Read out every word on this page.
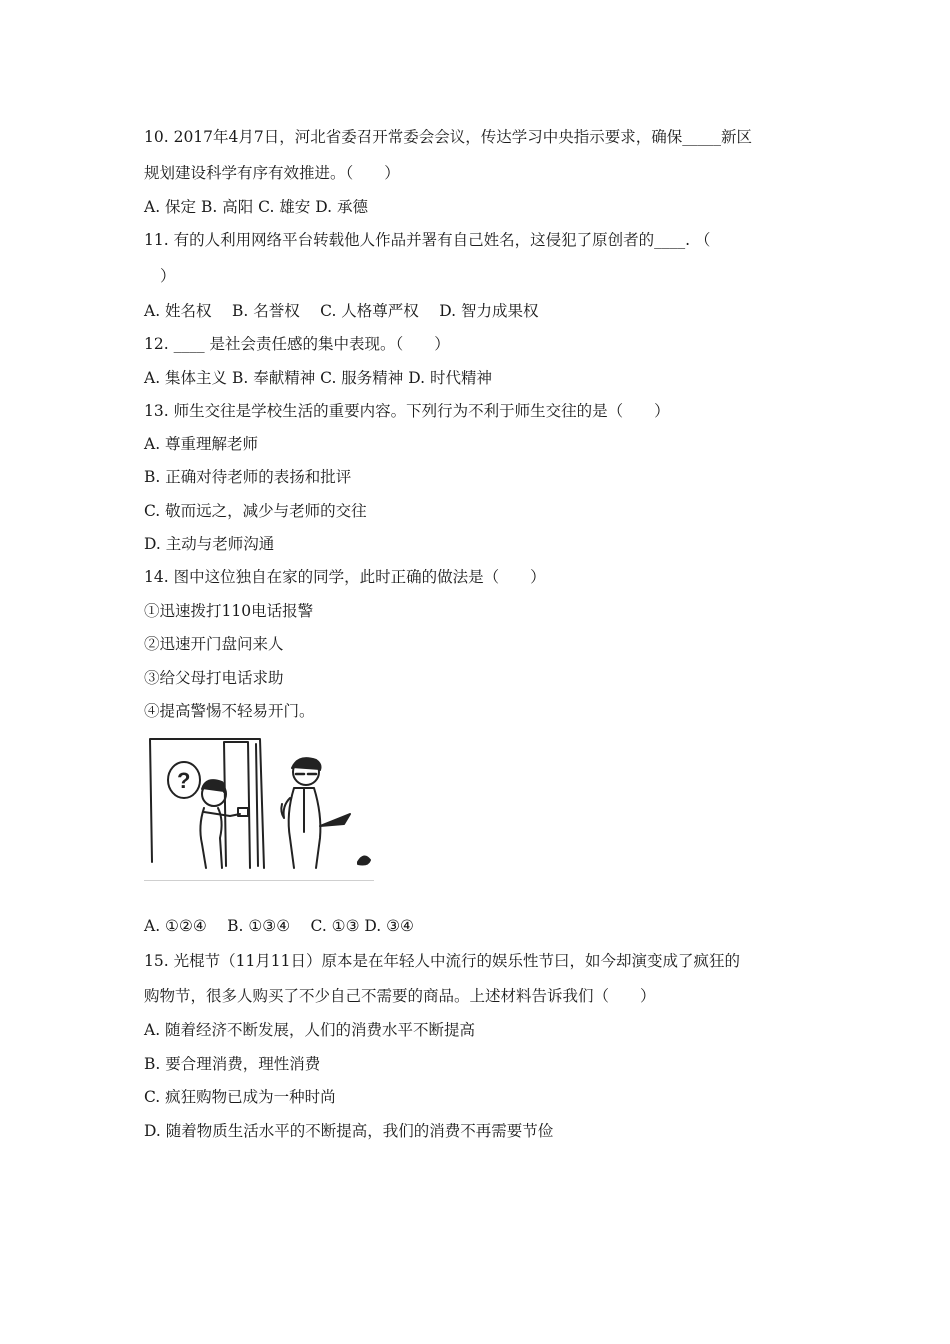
10. 2017年4月7日，河北省委召开常委会会议，传达学习中央指示要求，确保_____新区
规划建设科学有序有效推进。（　　）
A. 保定 B. 高阳 C. 雄安 D. 承德
11. 有的人利用网络平台转载他人作品并署有自己姓名，这侵犯了原创者的____. （
）
A. 姓名权　 B. 名誉权　 C. 人格尊严权　 D. 智力成果权
12. ____ 是社会责任感的集中表现。（　　）
A. 集体主义 B. 奉献精神 C. 服务精神 D. 时代精神
13. 师生交往是学校生活的重要内容。下列行为不利于师生交往的是（　　）
A. 尊重理解老师
B. 正确对待老师的表扬和批评
C. 敬而远之，减少与老师的交往
D. 主动与老师沟通
14. 图中这位独自在家的同学，此时正确的做法是（　　）
①迅速拨打110电话报警
②迅速开门盘问来人
③给父母打电话求助
④提高警惕不轻易开门。
?
A. ①②④　 B. ①③④　 C. ①③ D. ③④
15. 光棍节（11月11日）原本是在年轻人中流行的娱乐性节曰，如今却演变成了疯狂的
购物节，很多人购买了不少自己不需要的商品。上述材料告诉我们（　　）
A. 随着经济不断发展，人们的消费水平不断提高
B. 要合理消费，理性消费
C. 疯狂购物已成为一种时尚
D. 随着物质生活水平的不断提高，我们的消费不再需要节俭
